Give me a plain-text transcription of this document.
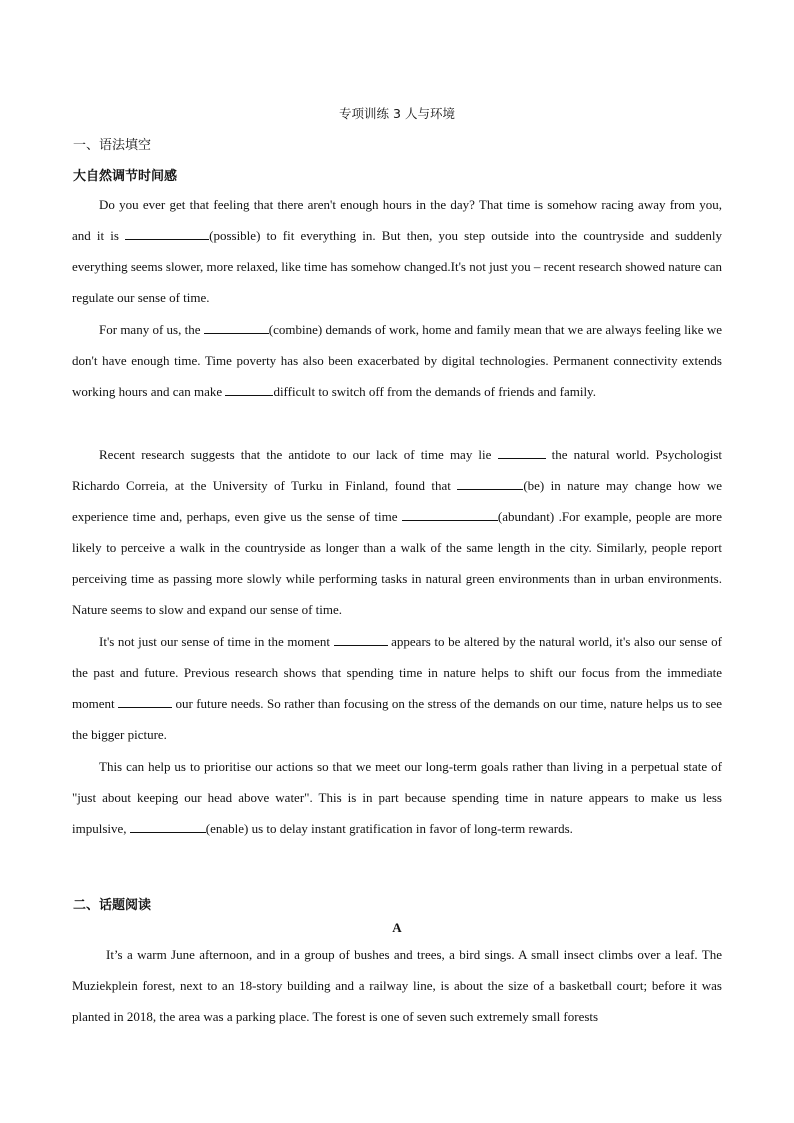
专项训练 3 人与环境
一、语法填空
大自然调节时间感

Do you ever get that feeling that there aren't enough hours in the day? That time is somehow racing away from you, and it is	(possible) to fit everything in. But then, you step outside into the countryside and suddenly everything seems slower, more relaxed, like time has somehow changed.It's not just you – recent research showed nature can regulate our sense of time.

For many of us, the	(combine) demands of work, home and family mean that we are always feeling like we don't have enough time. Time poverty has also been exacerbated by digital technologies. Permanent connectivity extends working hours and can make	difficult to switch off from the demands of friends and family.

Recent research suggests that the antidote to our lack of time may lie	the natural world. Psychologist Richardo Correia, at the University of Turku in Finland, found that	(be) in nature may change how we experience time and, perhaps, even give us the sense of time	(abundant) .For example, people are more likely to perceive a walk in the countryside as longer than a walk of the same length in the city. Similarly, people report perceiving time as passing more slowly while performing tasks in natural green environments than in urban environments. Nature seems to slow and expand our sense of time.

It's not just our sense of time in the moment	appears to be altered by the natural world, it's also our sense of the past and future. Previous research shows that spending time in nature helps to shift our focus from the immediate moment	our future needs. So rather than focusing on the stress of the demands on our time, nature helps us to see the bigger picture.

This can help us to prioritise our actions so that we meet our long-term goals rather than living in a perpetual state of "just about keeping our head above water". This is in part because spending time in nature appears to make us less impulsive,	(enable) us to delay instant gratification in favor of long-term rewards.

二、话题阅读
A

It’s a warm June afternoon, and in a group of bushes and trees, a bird sings. A small insect climbs over a leaf. The Muziekplein forest, next to an 18-story building and a railway line, is about the size of a basketball court; before it was planted in 2018, the area was a parking place. The forest is one of seven such extremely small forests
